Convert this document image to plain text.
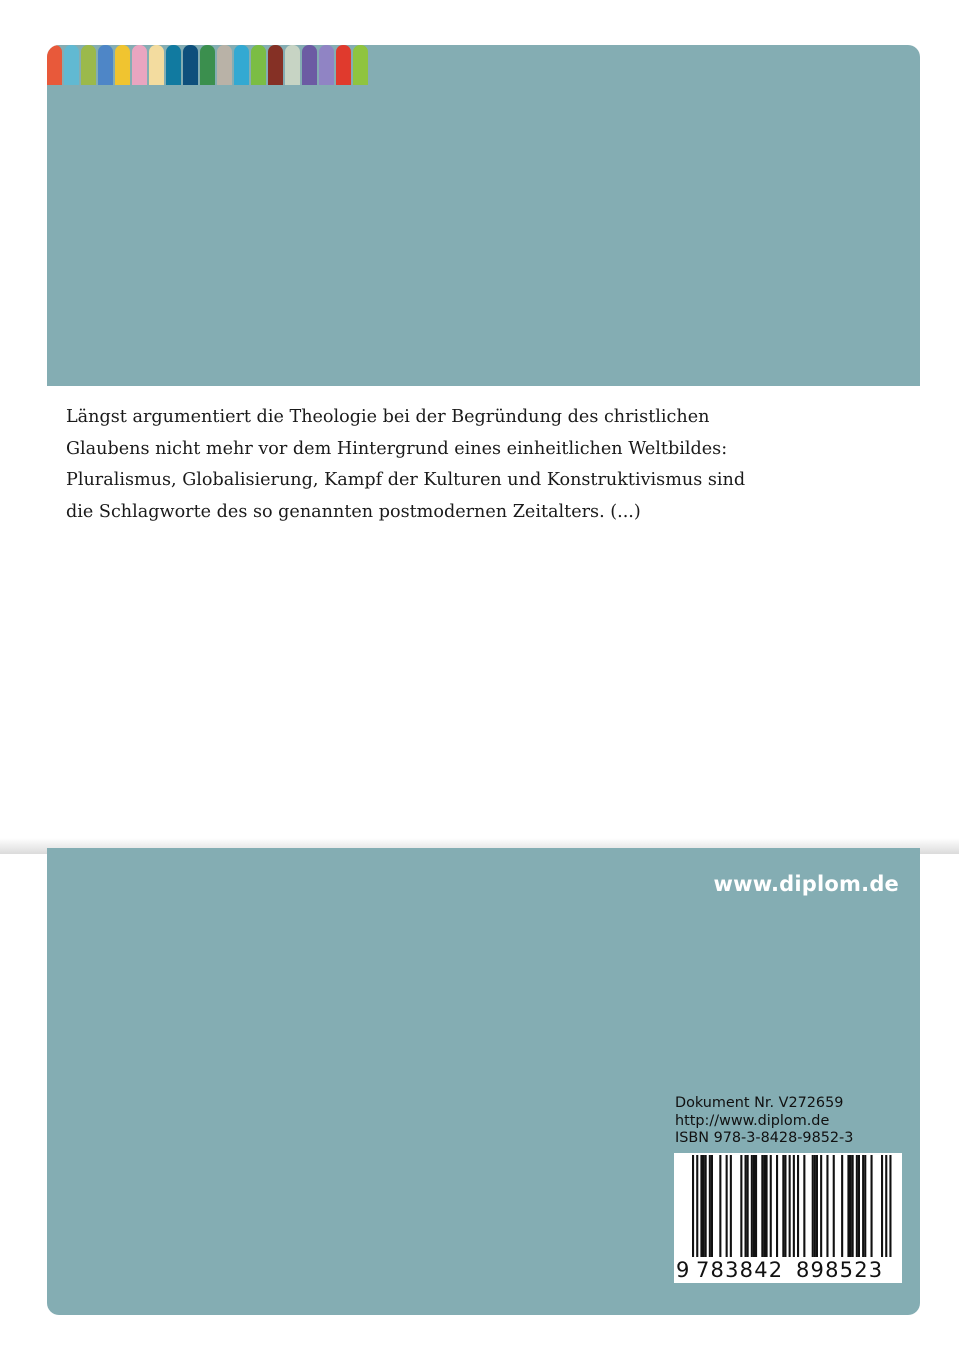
Längst argumentiert die Theologie bei der Begründung des christlichen

Glaubens nicht mehr vor dem Hintergrund eines einheitlichen Weltbildes:

Pluralismus, Globalisierung, Kampf der Kulturen und Konstruktivismus sind

die Schlagworte des so genannten postmodernen Zeitalters. (...)

www.diplom.de
Dokument Nr. V272659
http://www.diplom.de
ISBN 978-3-8428-9852-3
9 783842 898523
